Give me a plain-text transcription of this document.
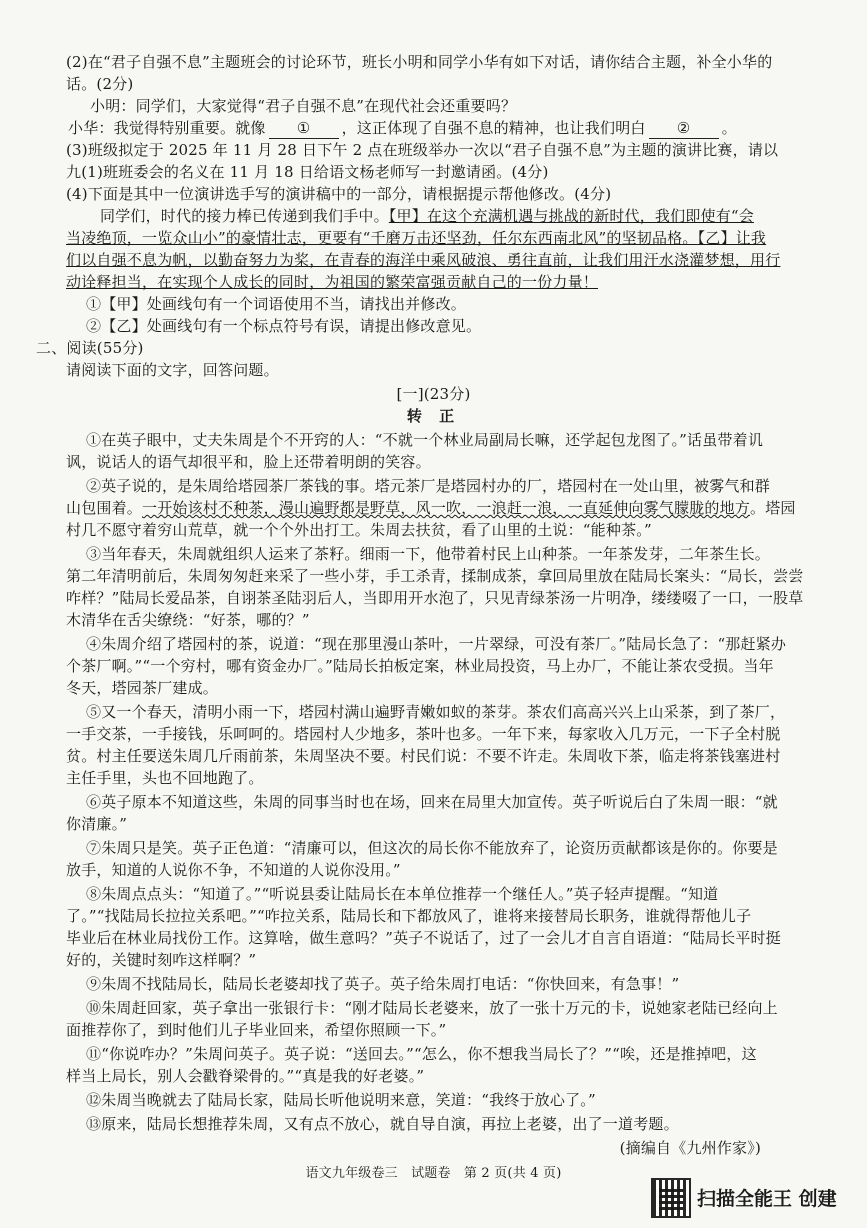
(2)在“君子自强不息”主题班会的讨论环节，班长小明和同学小华有如下对话，请你结合主题，补全小华的
话。(2分)
小明：同学们，大家觉得“君子自强不息”在现代社会还重要吗？
小华：我觉得特别重要。就像 ① ，这正体现了自强不息的精神，也让我们明白 ② 。
(3)班级拟定于 2025 年 11 月 28 日下午 2 点在班级举办一次以“君子自强不息”为主题的演讲比赛，请以
九(1)班班委会的名义在 11 月 18 日给语文杨老师写一封邀请函。(4分)
(4)下面是其中一位演讲选手写的演讲稿中的一部分，请根据提示帮他修改。(4分)
同学们，时代的接力棒已传递到我们手中。【甲】在这个充满机遇与挑战的新时代，我们即使有“会
当凌绝顶，一览众山小”的豪情壮志，更要有“千磨万击还坚劲，任尔东西南北风”的坚韧品格。【乙】让我
们以自强不息为帆，以勤奋努力为桨，在青春的海洋中乘风破浪、勇往直前，让我们用汗水浇灌梦想，用行
动诠释担当，在实现个人成长的同时，为祖国的繁荣富强贡献自己的一份力量！
①【甲】处画线句有一个词语使用不当，请找出并修改。
②【乙】处画线句有一个标点符号有误，请提出修改意见。
二、阅读(55分)
请阅读下面的文字，回答问题。
[一](23分)
转 正
①在英子眼中，丈夫朱周是个不开窍的人：“不就一个林业局副局长嘛，还学起包龙图了。”话虽带着讥
讽，说话人的语气却很平和，脸上还带着明朗的笑容。
②英子说的，是朱周给塔园茶厂茶钱的事。塔元茶厂是塔园村办的厂，塔园村在一处山里，被雾气和群
山包围着。一开始该村不种茶，漫山遍野都是野草，风一吹，一浪赶一浪，一直延伸向雾气朦胧的地方。塔园
村几不愿守着穷山荒草，就一个个外出打工。朱周去扶贫，看了山里的土说：“能种茶。”
③当年春天，朱周就组织人运来了茶籽。细雨一下，他带着村民上山种茶。一年茶发芽，二年茶生长。
第二年清明前后，朱周匆匆赶来采了一些小芽，手工杀青，揉制成茶，拿回局里放在陆局长案头：“局长，尝尝
咋样？”陆局长爱品茶，自诩茶圣陆羽后人，当即用开水泡了，只见青绿茶汤一片明净，缕缕啜了一口，一股草
木清华在舌尖缭绕：“好茶，哪的？”
④朱周介绍了塔园村的茶，说道：“现在那里漫山茶叶，一片翠绿，可没有茶厂。”陆局长急了：“那赶紧办
个茶厂啊。”“一个穷村，哪有资金办厂。”陆局长拍板定案，林业局投资，马上办厂，不能让茶农受损。当年
冬天，塔园茶厂建成。
⑤又一个春天，清明小雨一下，塔园村满山遍野青嫩如蚁的茶芽。茶农们高高兴兴上山采茶，到了茶厂，
一手交茶，一手接钱，乐呵呵的。塔园村人少地多，茶叶也多。一年下来，每家收入几万元，一下子全村脱
贫。村主任要送朱周几斤雨前茶，朱周坚决不要。村民们说：不要不许走。朱周收下茶，临走将茶钱塞进村
主任手里，头也不回地跑了。
⑥英子原本不知道这些，朱周的同事当时也在场，回来在局里大加宣传。英子听说后白了朱周一眼：“就
你清廉。”
⑦朱周只是笑。英子正色道：“清廉可以，但这次的局长你不能放弃了，论资历贡献都该是你的。你要是
放手，知道的人说你不争，不知道的人说你没用。”
⑧朱周点点头：“知道了。”“听说县委让陆局长在本单位推荐一个继任人。”英子轻声提醒。“知道
了。”“找陆局长拉拉关系吧。”“咋拉关系，陆局长和下都放风了，谁将来接替局长职务，谁就得帮他儿子
毕业后在林业局找份工作。这算啥，做生意吗？”英子不说话了，过了一会儿才自言自语道：“陆局长平时挺
好的，关键时刻咋这样啊？”
⑨朱周不找陆局长，陆局长老婆却找了英子。英子给朱周打电话：“你快回来，有急事！”
⑩朱周赶回家，英子拿出一张银行卡：“刚才陆局长老婆来，放了一张十万元的卡，说她家老陆已经向上
面推荐你了，到时他们儿子毕业回来，希望你照顾一下。”
⑪“你说咋办？”朱周问英子。英子说：“送回去。”“怎么，你不想我当局长了？”“唉，还是推掉吧，这
样当上局长，别人会戳脊梁骨的。”“真是我的好老婆。”
⑫朱周当晚就去了陆局长家，陆局长听他说明来意，笑道：“我终于放心了。”
⑬原来，陆局长想推荐朱周，又有点不放心，就自导自演，再拉上老婆，出了一道考题。
(摘编自《九州作家》)
语文九年级卷三　试题卷　第 2 页(共 4 页)
扫描全能王 创建
